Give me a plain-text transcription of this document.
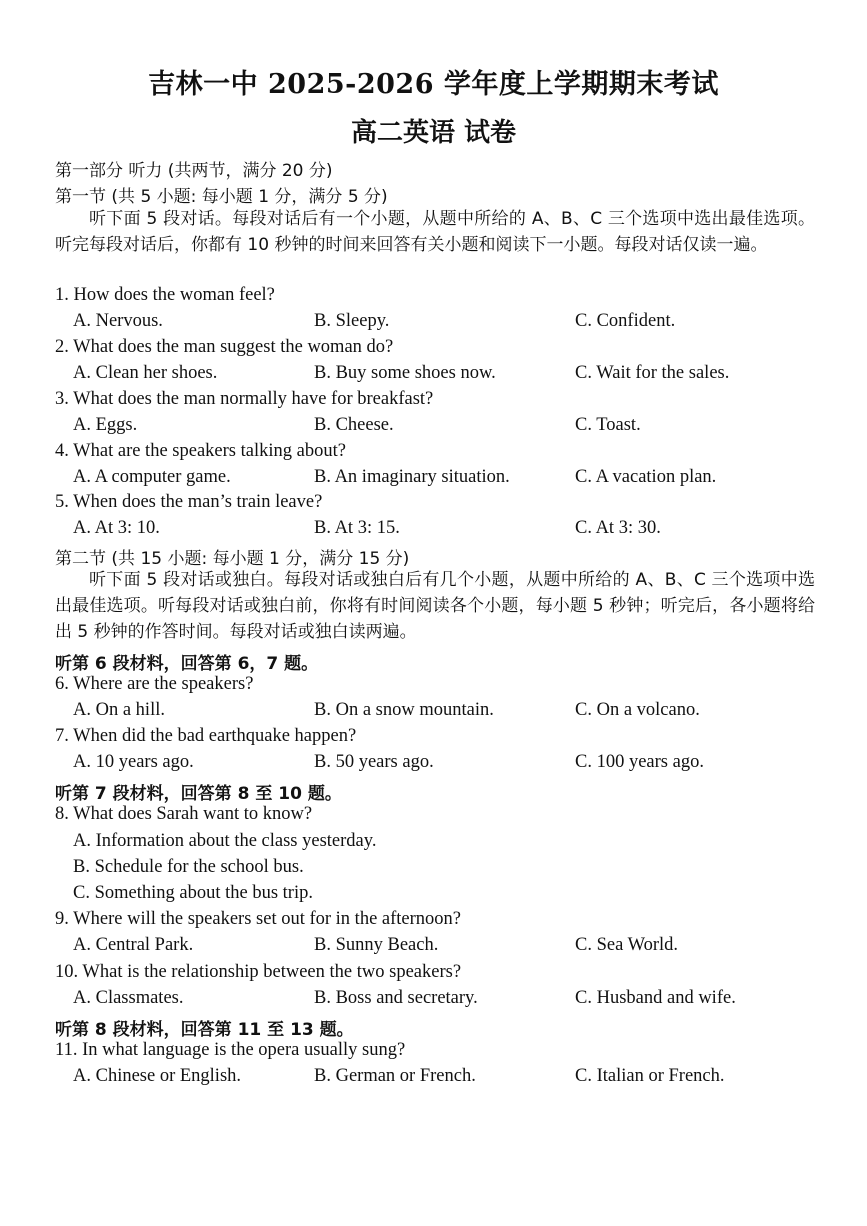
吉林一中 2025-2026 学年度上学期期末考试
高二英语 试卷
第一部分 听力 (共两节，满分 20 分)
第一节 (共 5 小题: 每小题 1 分，满分 5 分)
听下面 5 段对话。每段对话后有一个小题，从题中所给的 A、B、C 三个选项中选出最佳选项。听完每段对话后，你都有 10 秒钟的时间来回答有关小题和阅读下一小题。每段对话仅读一遍。
1. How does the woman feel?
A. Nervous.	B. Sleepy.	C. Confident.
2. What does the man suggest the woman do?
A. Clean her shoes.	B. Buy some shoes now.	C. Wait for the sales.
3. What does the man normally have for breakfast?
A. Eggs.	B. Cheese.	C. Toast.
4. What are the speakers talking about?
A. A computer game.	B. An imaginary situation.	C. A vacation plan.
5. When does the man’s train leave?
A. At 3: 10.	B. At 3: 15.	C. At 3: 30.
第二节 (共 15 小题: 每小题 1 分，满分 15 分)
听下面 5 段对话或独白。每段对话或独白后有几个小题，从题中所给的 A、B、C 三个选项中选出最佳选项。听每段对话或独白前，你将有时间阅读各个小题，每小题 5 秒钟；听完后，各小题将给出 5 秒钟的作答时间。每段对话或独白读两遍。
听第 6 段材料，回答第 6，7 题。
6. Where are the speakers?
A. On a hill.	B. On a snow mountain.	C. On a volcano.
7. When did the bad earthquake happen?
A. 10 years ago.	B. 50 years ago.	C. 100 years ago.
听第 7 段材料，回答第 8 至 10 题。
8. What does Sarah want to know?
A. Information about the class yesterday.
B. Schedule for the school bus.
C. Something about the bus trip.
9. Where will the speakers set out for in the afternoon?
A. Central Park.	B. Sunny Beach.	C. Sea World.
10. What is the relationship between the two speakers?
A. Classmates.	B. Boss and secretary.	C. Husband and wife.
听第 8 段材料，回答第 11 至 13 题。
11. In what language is the opera usually sung?
A. Chinese or English.	B. German or French.	C. Italian or French.
